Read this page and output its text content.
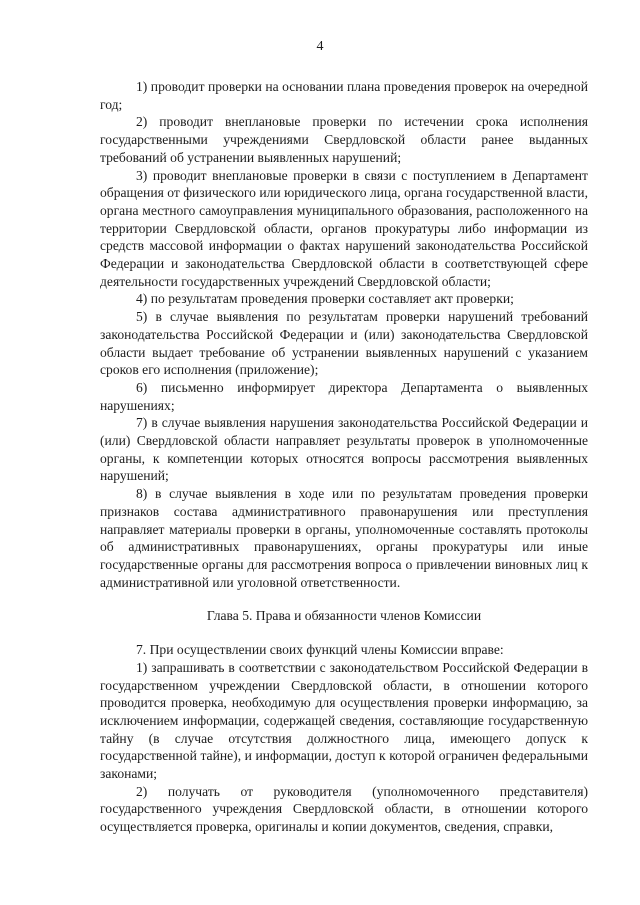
4

1) проводит проверки на основании плана проведения проверок на очередной год;

2) проводит внеплановые проверки по истечении срока исполнения государственными учреждениями Свердловской области ранее выданных требований об устранении выявленных нарушений;

3) проводит внеплановые проверки в связи с поступлением в Департамент обращения от физического или юридического лица, органа государственной власти, органа местного самоуправления муниципального образования, расположенного на территории Свердловской области, органов прокуратуры либо информации из средств массовой информации о фактах нарушений законодательства Российской Федерации и законодательства Свердловской области в соответствующей сфере деятельности государственных учреждений Свердловской области;

4) по результатам проведения проверки составляет акт проверки;

5) в случае выявления по результатам проверки нарушений требований законодательства Российской Федерации и (или) законодательства Свердловской области выдает требование об устранении выявленных нарушений с указанием сроков его исполнения (приложение);

6) письменно информирует директора Департамента о выявленных нарушениях;

7) в случае выявления нарушения законодательства Российской Федерации и (или) Свердловской области направляет результаты проверок в уполномоченные органы, к компетенции которых относятся вопросы рассмотрения выявленных нарушений;

8) в случае выявления в ходе или по результатам проведения проверки признаков состава административного правонарушения или преступления направляет материалы проверки в органы, уполномоченные составлять протоколы об административных правонарушениях, органы прокуратуры или иные государственные органы для рассмотрения вопроса о привлечении виновных лиц к административной или уголовной ответственности.

Глава 5. Права и обязанности членов Комиссии

7. При осуществлении своих функций члены Комиссии вправе:

1) запрашивать в соответствии с законодательством Российской Федерации в государственном учреждении Свердловской области, в отношении которого проводится проверка, необходимую для осуществления проверки информацию, за исключением информации, содержащей сведения, составляющие государственную тайну (в случае отсутствия должностного лица, имеющего допуск к государственной тайне), и информации, доступ к которой ограничен федеральными законами;

2) получать от руководителя (уполномоченного представителя) государственного учреждения Свердловской области, в отношении которого осуществляется проверка, оригиналы и копии документов, сведения, справки,
